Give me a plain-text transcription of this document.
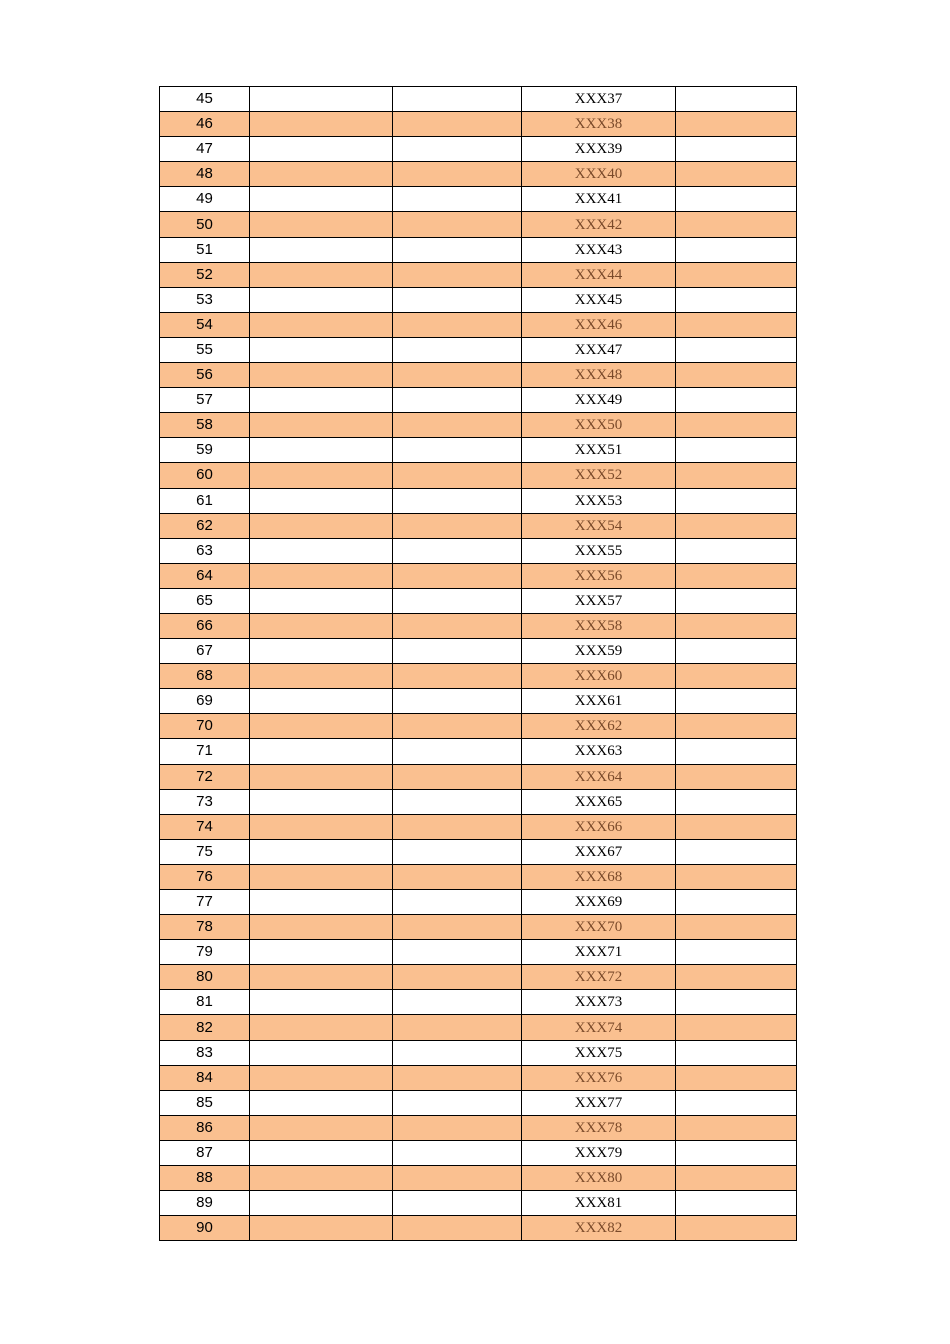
45			XXX37	
46			XXX38	
47			XXX39	
48			XXX40	
49			XXX41	
50			XXX42	
51			XXX43	
52			XXX44	
53			XXX45	
54			XXX46	
55			XXX47	
56			XXX48	
57			XXX49	
58			XXX50	
59			XXX51	
60			XXX52	
61			XXX53	
62			XXX54	
63			XXX55	
64			XXX56	
65			XXX57	
66			XXX58	
67			XXX59	
68			XXX60	
69			XXX61	
70			XXX62	
71			XXX63	
72			XXX64	
73			XXX65	
74			XXX66	
75			XXX67	
76			XXX68	
77			XXX69	
78			XXX70	
79			XXX71	
80			XXX72	
81			XXX73	
82			XXX74	
83			XXX75	
84			XXX76	
85			XXX77	
86			XXX78	
87			XXX79	
88			XXX80	
89			XXX81	
90			XXX82	
